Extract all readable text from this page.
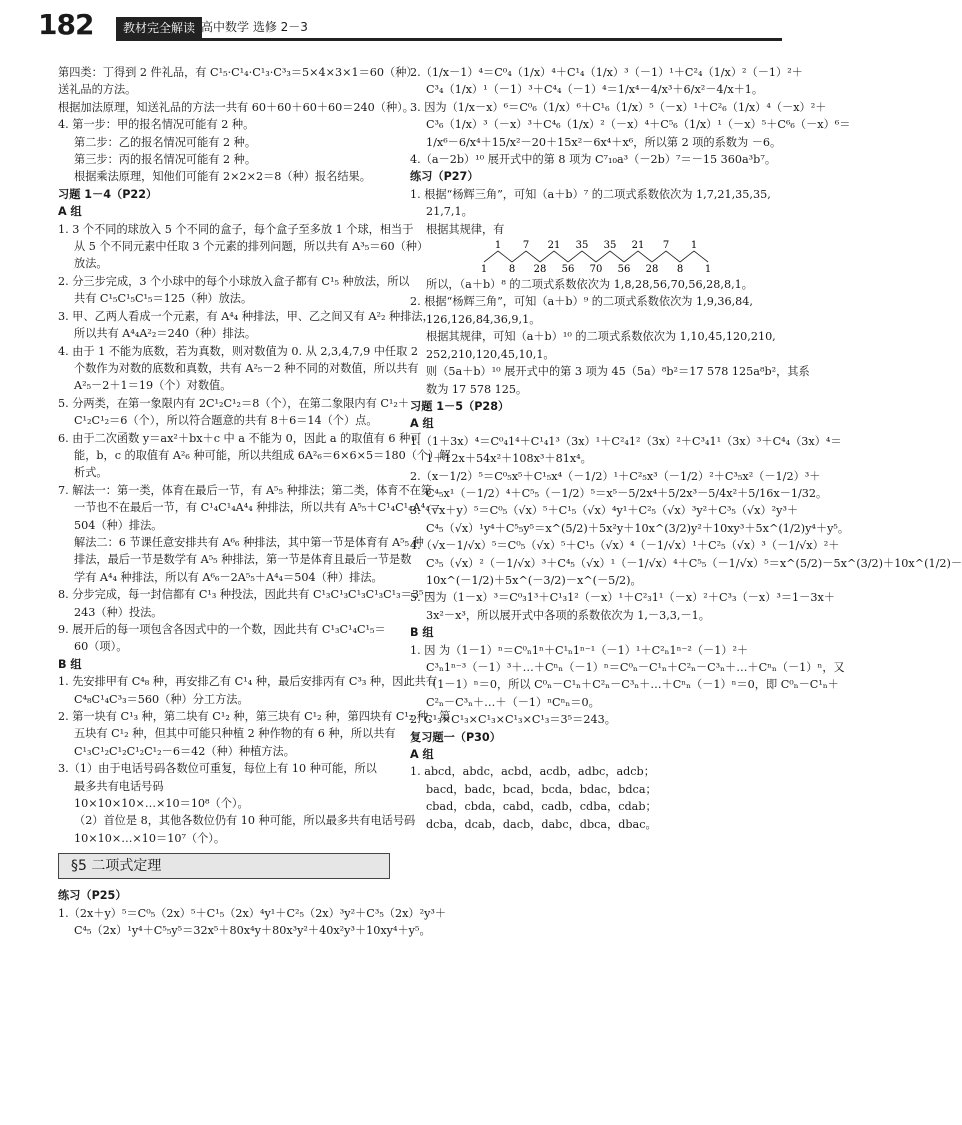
182	教材完全解读 高中数学 选修 2－3
第四类：丁得到 2 件礼品，有 C¹₅·C¹₄·C¹₃·C³₃＝5×4×3×1＝60（种）
送礼品的方法。
根据加法原理，知送礼品的方法一共有 60＋60＋60＋60＝240（种）。
4. 第一步：甲的报名情况可能有 2 种。
第二步：乙的报名情况可能有 2 种。
第三步：丙的报名情况可能有 2 种。
根据乘法原理，知他们可能有 2×2×2＝8（种）报名结果。
习题 1－4（P22）
A 组
1. 3 个不同的球放入 5 个不同的盒子，每个盒子至多放 1 个球，相当于
从 5 个不同元素中任取 3 个元素的排列问题，所以共有 A³₅＝60（种）
放法。
2. 分三步完成，3 个小球中的每个小球放入盒子都有 C¹₅ 种放法，所以
共有 C¹₅C¹₅C¹₅＝125（种）放法。
3. 甲、乙两人看成一个元素，有 A⁴₄ 种排法，甲、乙之间又有 A²₂ 种排法，
所以共有 A⁴₄A²₂＝240（种）排法。
4. 由于 1 不能为底数，若为真数，则对数值为 0. 从 2,3,4,7,9 中任取 2
个数作为对数的底数和真数，共有 A²₅－2 种不同的对数值，所以共有
A²₅－2＋1＝19（个）对数值。
5. 分两类，在第一象限内有 2C¹₂C¹₂＝8（个），在第二象限内有 C¹₂＋
C¹₂C¹₂＝6（个），所以符合题意的共有 8＋6＝14（个）点。
6. 由于二次函数 y＝ax²＋bx＋c 中 a 不能为 0，因此 a 的取值有 6 种可
能，b，c 的取值有 A²₆ 种可能，所以共组成 6A²₆＝6×6×5＝180（个）解
析式。
7. 解法一：第一类，体育在最后一节，有 A⁵₅ 种排法；第二类，体育不在第
一节也不在最后一节，有 C¹₄C¹₄A⁴₄ 种排法，所以共有 A⁵₅＋C¹₄C¹₄A⁴₄＝
504（种）排法。
解法二：6 节课任意安排共有 A⁶₆ 种排法，其中第一节是体育有 A⁵₅ 种
排法，最后一节是数学有 A⁵₅ 种排法，第一节是体育且最后一节是数
学有 A⁴₄ 种排法，所以有 A⁶₆－2A⁵₅＋A⁴₄＝504（种）排法。
8. 分步完成，每一封信都有 C¹₃ 种投法，因此共有 C¹₃C¹₃C¹₃C¹₃C¹₃＝3⁵＝
243（种）投法。
9. 展开后的每一项包含各因式中的一个数，因此共有 C¹₃C¹₄C¹₅＝
60（项）。
B 组
1. 先安排甲有 C⁴₈ 种，再安排乙有 C¹₄ 种，最后安排丙有 C³₃ 种，因此共有
C⁴₈C¹₄C³₃＝560（种）分工方法。
2. 第一块有 C¹₃ 种，第二块有 C¹₂ 种，第三块有 C¹₂ 种，第四块有 C¹₂ 种，第
五块有 C¹₂ 种，但其中可能只种植 2 种作物的有 6 种，所以共有
C¹₃C¹₂C¹₂C¹₂C¹₂－6＝42（种）种植方法。
3.（1）由于电话号码各数位可重复，每位上有 10 种可能，所以
最多共有电话号码
10×10×10×…×10＝10⁸（个）。
（2）首位是 8，其他各数位仍有 10 种可能，所以最多共有电话号码
10×10×…×10＝10⁷（个）。
§5 二项式定理
练习（P25）
1.（2x＋y）⁵＝C⁰₅（2x）⁵＋C¹₅（2x）⁴y¹＋C²₅（2x）³y²＋C³₅（2x）²y³＋
C⁴₅（2x）¹y⁴＋C⁵₅y⁵＝32x⁵＋80x⁴y＋80x³y²＋40x²y³＋10xy⁴＋y⁵。
2.（1/x－1）⁴＝C⁰₄（1/x）⁴＋C¹₄（1/x）³（－1）¹＋C²₄（1/x）²（－1）²＋
C³₄（1/x）¹（－1）³＋C⁴₄（－1）⁴＝1/x⁴－4/x³＋6/x²－4/x＋1。
3. 因为（1/x－x）⁶＝C⁰₆（1/x）⁶＋C¹₆（1/x）⁵（－x）¹＋C²₆（1/x）⁴（－x）²＋
C³₆（1/x）³（－x）³＋C⁴₆（1/x）²（－x）⁴＋C⁵₆（1/x）¹（－x）⁵＋C⁶₆（－x）⁶＝
1/x⁶－6/x⁴＋15/x²－20＋15x²－6x⁴＋x⁶，所以第 2 项的系数为 －6。
4.（a－2b）¹⁰ 展开式中的第 8 项为 C⁷₁₀a³（－2b）⁷＝－15 360a³b⁷。
练习（P27）
1. 根据“杨辉三角”，可知（a＋b）⁷ 的二项式系数依次为 1,7,21,35,35,
21,7,1。
根据其规律，有
1
1
7
8
21
28
35
56
35
70
21
56
7
28
1
8 1
所以，（a＋b）⁸ 的二项式系数依次为 1,8,28,56,70,56,28,8,1。
2. 根据“杨辉三角”，可知（a＋b）⁹ 的二项式系数依次为 1,9,36,84,
126,126,84,36,9,1。
根据其规律，可知（a＋b）¹⁰ 的二项式系数依次为 1,10,45,120,210,
252,210,120,45,10,1。
则（5a＋b）¹⁰ 展开式中的第 3 项为 45（5a）⁸b²＝17 578 125a⁸b²，其系
数为 17 578 125。
习题 1－5（P28）
A 组
1.（1＋3x）⁴＝C⁰₄1⁴＋C¹₄1³（3x）¹＋C²₄1²（3x）²＋C³₄1¹（3x）³＋C⁴₄（3x）⁴＝
1＋12x＋54x²＋108x³＋81x⁴。
2.（x－1/2）⁵＝C⁰₅x⁵＋C¹₅x⁴（－1/2）¹＋C²₅x³（－1/2）²＋C³₅x²（－1/2）³＋
C⁴₅x¹（－1/2）⁴＋C⁵₅（－1/2）⁵＝x⁵－5/2x⁴＋5/2x³－5/4x²＋5/16x－1/32。
3.（√x＋y）⁵＝C⁰₅（√x）⁵＋C¹₅（√x）⁴y¹＋C²₅（√x）³y²＋C³₅（√x）²y³＋
C⁴₅（√x）¹y⁴＋C⁵₅y⁵＝x^(5/2)＋5x²y＋10x^(3/2)y²＋10xy³＋5x^(1/2)y⁴＋y⁵。
4.（√x－1/√x）⁵＝C⁰₅（√x）⁵＋C¹₅（√x）⁴（－1/√x）¹＋C²₅（√x）³（－1/√x）²＋
C³₅（√x）²（－1/√x）³＋C⁴₅（√x）¹（－1/√x）⁴＋C⁵₅（－1/√x）⁵＝x^(5/2)－5x^(3/2)＋10x^(1/2)－
10x^(－1/2)＋5x^(－3/2)－x^(－5/2)。
5. 因为（1－x）³＝C⁰₃1³＋C¹₃1²（－x）¹＋C²₃1¹（－x）²＋C³₃（－x）³＝1－3x＋
3x²－x³，所以展开式中各项的系数依次为 1,－3,3,－1。
B 组
1. 因 为（1－1）ⁿ＝C⁰ₙ1ⁿ＋C¹ₙ1ⁿ⁻¹（－1）¹＋C²ₙ1ⁿ⁻²（－1）²＋
C³ₙ1ⁿ⁻³（－1）³＋…＋Cⁿₙ（－1）ⁿ＝C⁰ₙ－C¹ₙ＋C²ₙ－C³ₙ＋…＋Cⁿₙ（－1）ⁿ，又
（1－1）ⁿ＝0，所以 C⁰ₙ－C¹ₙ＋C²ₙ－C³ₙ＋…＋Cⁿₙ（－1）ⁿ＝0，即 C⁰ₙ－C¹ₙ＋
C²ₙ－C³ₙ＋…＋（－1）ⁿCⁿₙ＝0。
2. C¹₃×C¹₃×C¹₃×C¹₃×C¹₃＝3⁵＝243。
复习题一（P30）
A 组
1. abcd，abdc，acbd，acdb，adbc，adcb；
bacd，badc，bcad，bcda，bdac，bdca；
cbad，cbda，cabd，cadb，cdba，cdab；
dcba，dcab，dacb，dabc，dbca，dbac。
